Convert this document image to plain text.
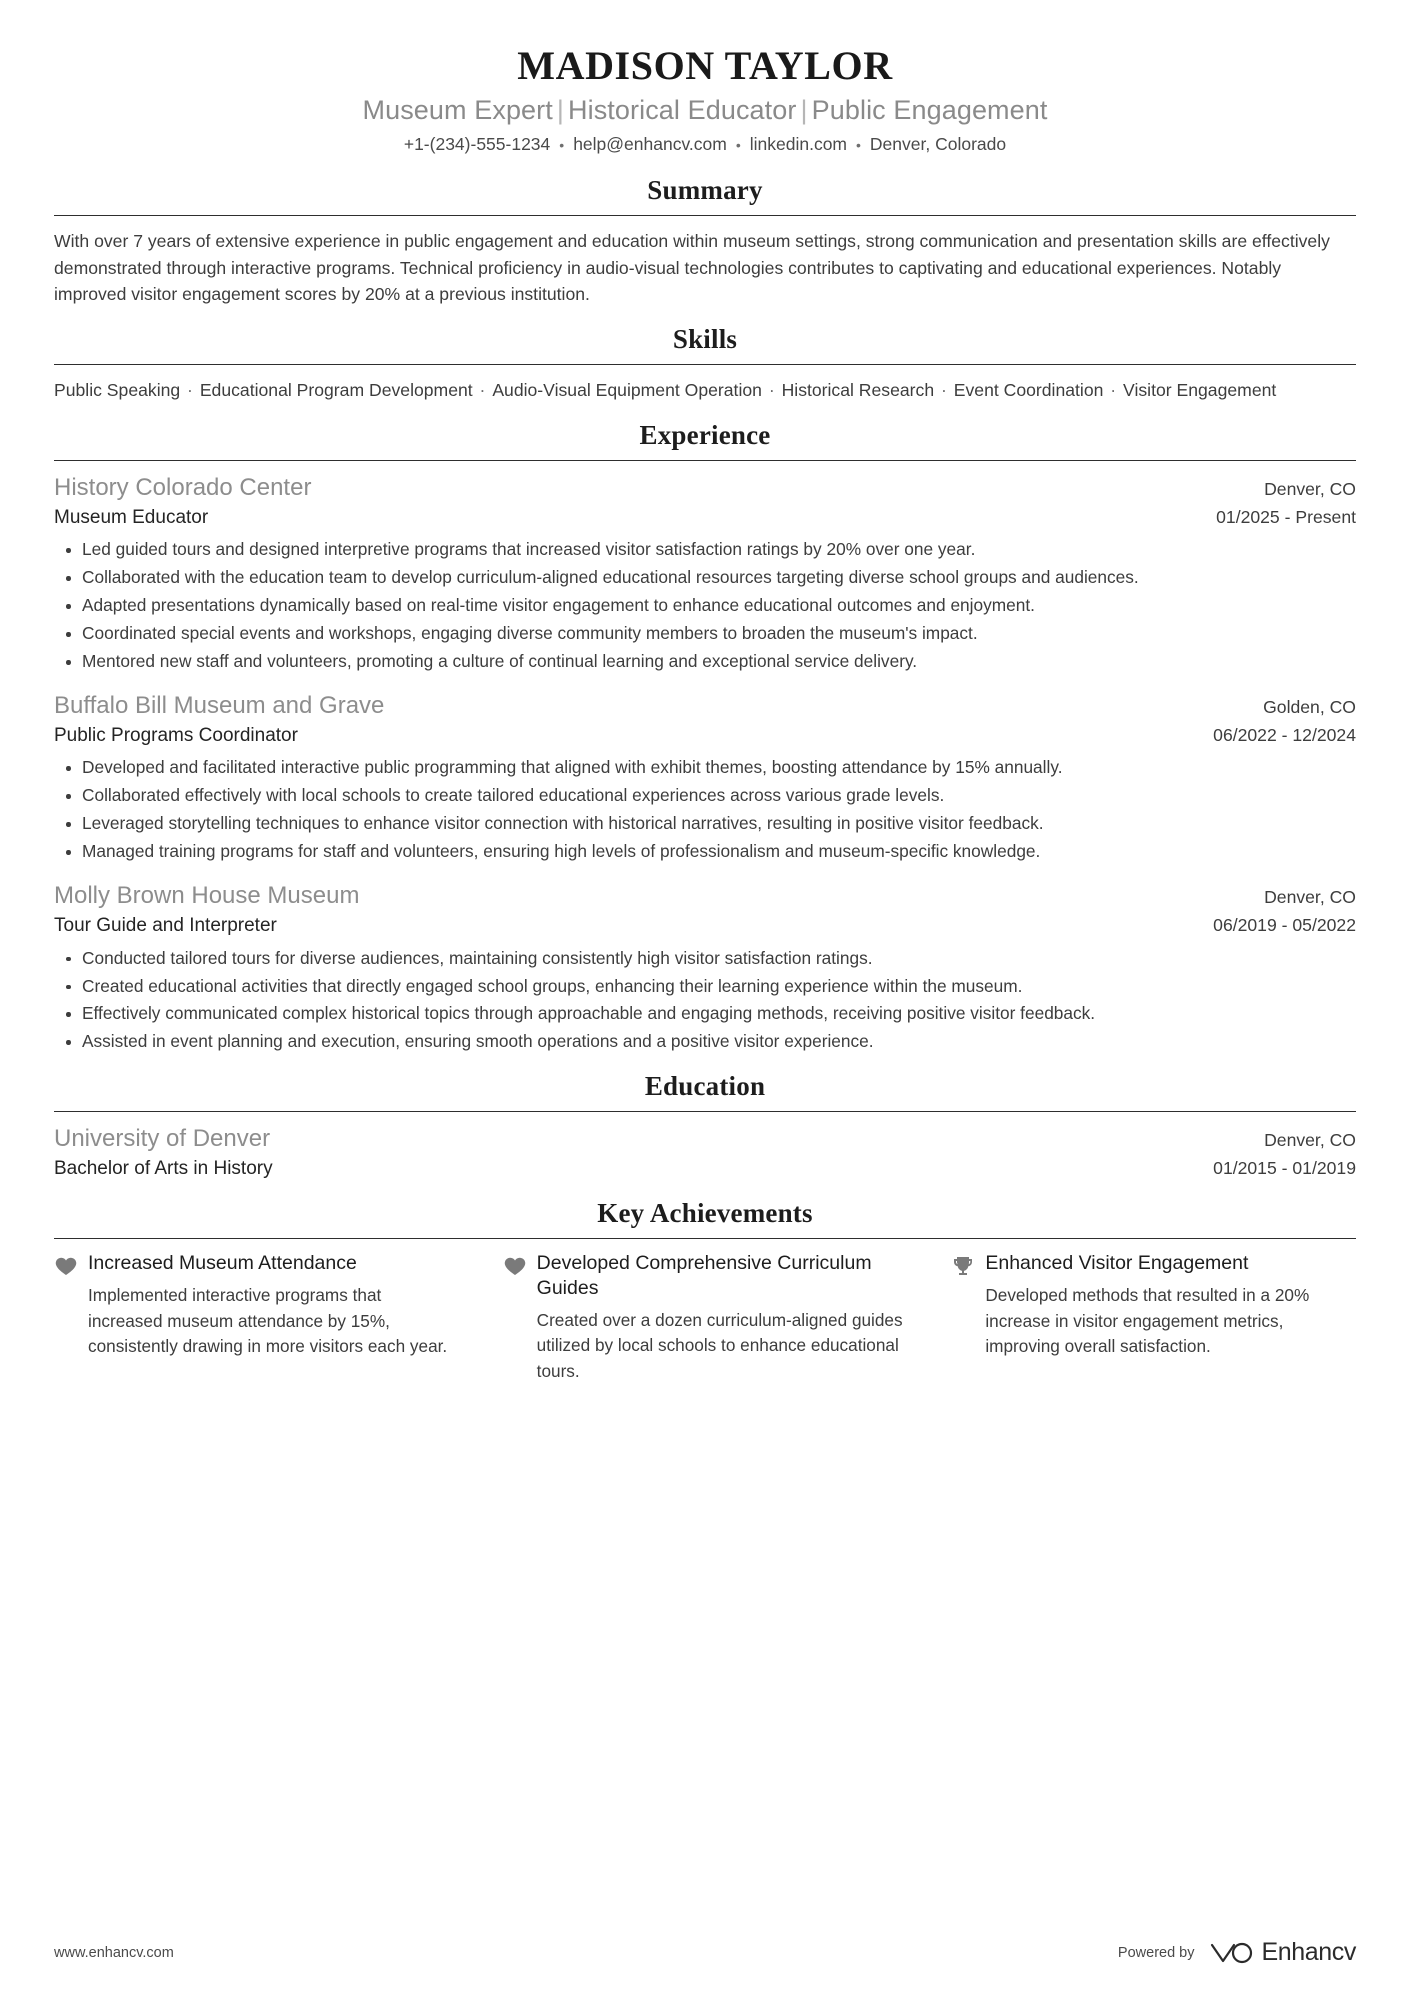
MADISON TAYLOR
Museum Expert | Historical Educator | Public Engagement
+1-(234)-555-1234 • help@enhancv.com • linkedin.com • Denver, Colorado
Summary

With over 7 years of extensive experience in public engagement and education within museum settings, strong communication and presentation skills are effectively demonstrated through interactive programs. Technical proficiency in audio-visual technologies contributes to captivating and educational experiences. Notably improved visitor engagement scores by 20% at a previous institution.

Skills

Public Speaking · Educational Program Development · Audio-Visual Equipment Operation · Historical Research · Event Coordination · Visitor Engagement

Experience
History Colorado Center	Denver, CO
Museum Educator	01/2025 - Present
Led guided tours and designed interpretive programs that increased visitor satisfaction ratings by 20% over one year.
Collaborated with the education team to develop curriculum-aligned educational resources targeting diverse school groups and audiences.
Adapted presentations dynamically based on real-time visitor engagement to enhance educational outcomes and enjoyment.
Coordinated special events and workshops, engaging diverse community members to broaden the museum's impact.
Mentored new staff and volunteers, promoting a culture of continual learning and exceptional service delivery.
Buffalo Bill Museum and Grave	Golden, CO
Public Programs Coordinator	06/2022 - 12/2024
Developed and facilitated interactive public programming that aligned with exhibit themes, boosting attendance by 15% annually.
Collaborated effectively with local schools to create tailored educational experiences across various grade levels.
Leveraged storytelling techniques to enhance visitor connection with historical narratives, resulting in positive visitor feedback.
Managed training programs for staff and volunteers, ensuring high levels of professionalism and museum-specific knowledge.
Molly Brown House Museum	Denver, CO
Tour Guide and Interpreter	06/2019 - 05/2022
Conducted tailored tours for diverse audiences, maintaining consistently high visitor satisfaction ratings.
Created educational activities that directly engaged school groups, enhancing their learning experience within the museum.
Effectively communicated complex historical topics through approachable and engaging methods, receiving positive visitor feedback.
Assisted in event planning and execution, ensuring smooth operations and a positive visitor experience.
Education
University of Denver	Denver, CO
Bachelor of Arts in History	01/2015 - 01/2019
Key Achievements
Increased Museum Attendance
Implemented interactive programs that increased museum attendance by 15%, consistently drawing in more visitors each year.
Developed Comprehensive Curriculum Guides
Created over a dozen curriculum-aligned guides utilized by local schools to enhance educational tours.
Enhanced Visitor Engagement
Developed methods that resulted in a 20% increase in visitor engagement metrics, improving overall satisfaction.
www.enhancv.com	Powered by	Enhancv
